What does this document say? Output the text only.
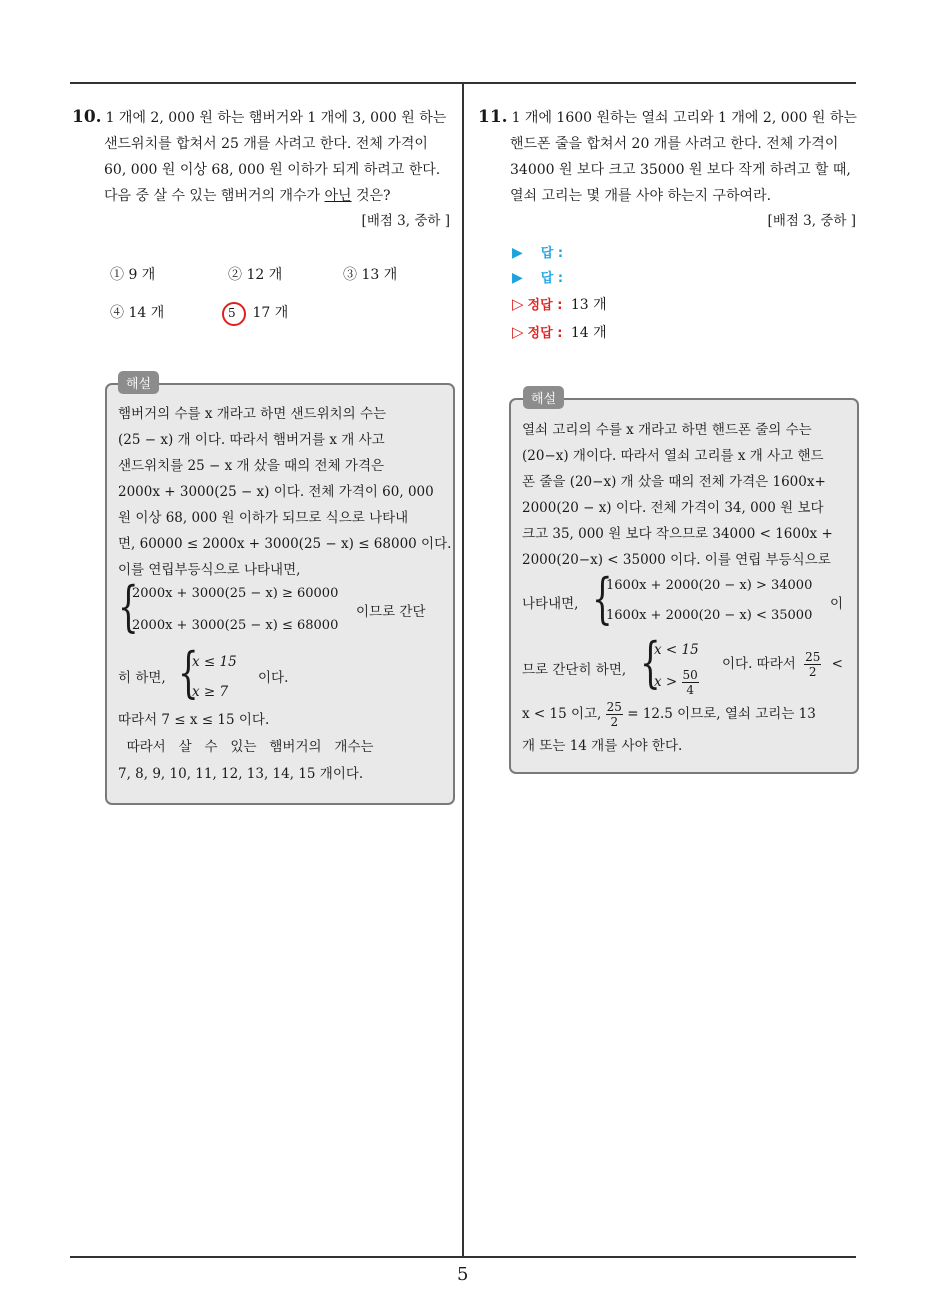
10. 1 개에 2, 000 원 하는 햄버거와 1 개에 3, 000 원 하는
샌드위치를 합쳐서 25 개를 사려고 한다. 전체 가격이
60, 000 원 이상 68, 000 원 이하가 되게 하려고 한다.
다음 중 살 수 있는 햄버거의 개수가 아닌 것은?
[배점 3, 중하 ]
① 9 개	② 12 개	③ 13 개
④ 14 개	5 17 개
해설
햄버거의 수를 x 개라고 하면 샌드위치의 수는
(25 − x) 개 이다. 따라서 햄버거를 x 개 사고
샌드위치를 25 − x 개 샀을 때의 전체 가격은
2000x + 3000(25 − x) 이다. 전체 가격이 60, 000
원 이상 68, 000 원 이하가 되므로 식으로 나타내
면, 60000 ≤ 2000x + 3000(25 − x) ≤ 68000 이다.
이를 연립부등식으로 나타내면,
{
2000x + 3000(25 − x) ≥ 60000
2000x + 3000(25 − x) ≤ 68000
이므로 간단
히 하면, {
x ≤ 15
x ≥ 7
이다.
따라서 7 ≤ x ≤ 15 이다.
따라서   살   수   있는   햄버거의   개수는
7, 8, 9, 10, 11, 12, 13, 14, 15 개이다.
11. 1 개에 1600 원하는 열쇠 고리와 1 개에 2, 000 원 하는
핸드폰 줄을 합쳐서 20 개를 사려고 한다. 전체 가격이
34000 원 보다 크고 35000 원 보다 작게 하려고 할 때,
열쇠 고리는 몇 개를 사야 하는지 구하여라.
[배점 3, 중하 ]
▶ 답 :
▶ 답 :
▷ 정답 : 13 개
▷ 정답 : 14 개
해설
열쇠 고리의 수를 x 개라고 하면 핸드폰 줄의 수는
(20−x) 개이다. 따라서 열쇠 고리를 x 개 사고 핸드
폰 줄을 (20−x) 개 샀을 때의 전체 가격은 1600x+
2000(20 − x) 이다. 전체 가격이 34, 000 원 보다
크고 35, 000 원 보다 작으므로 34000 < 1600x +
2000(20−x) < 35000 이다. 이를 연립 부등식으로
나타내면, {
1600x + 2000(20 − x) > 34000
1600x + 2000(20 − x) < 35000
이
므로 간단히 하면, {
x < 15
$x > \frac{50}{4}$
이다. 따라서 $\frac{25}{2}$ <
x < 15 이고, $\frac{25}{2} = 12.5$ 이므로, 열쇠 고리는 13
개 또는 14 개를 사야 한다.
5
